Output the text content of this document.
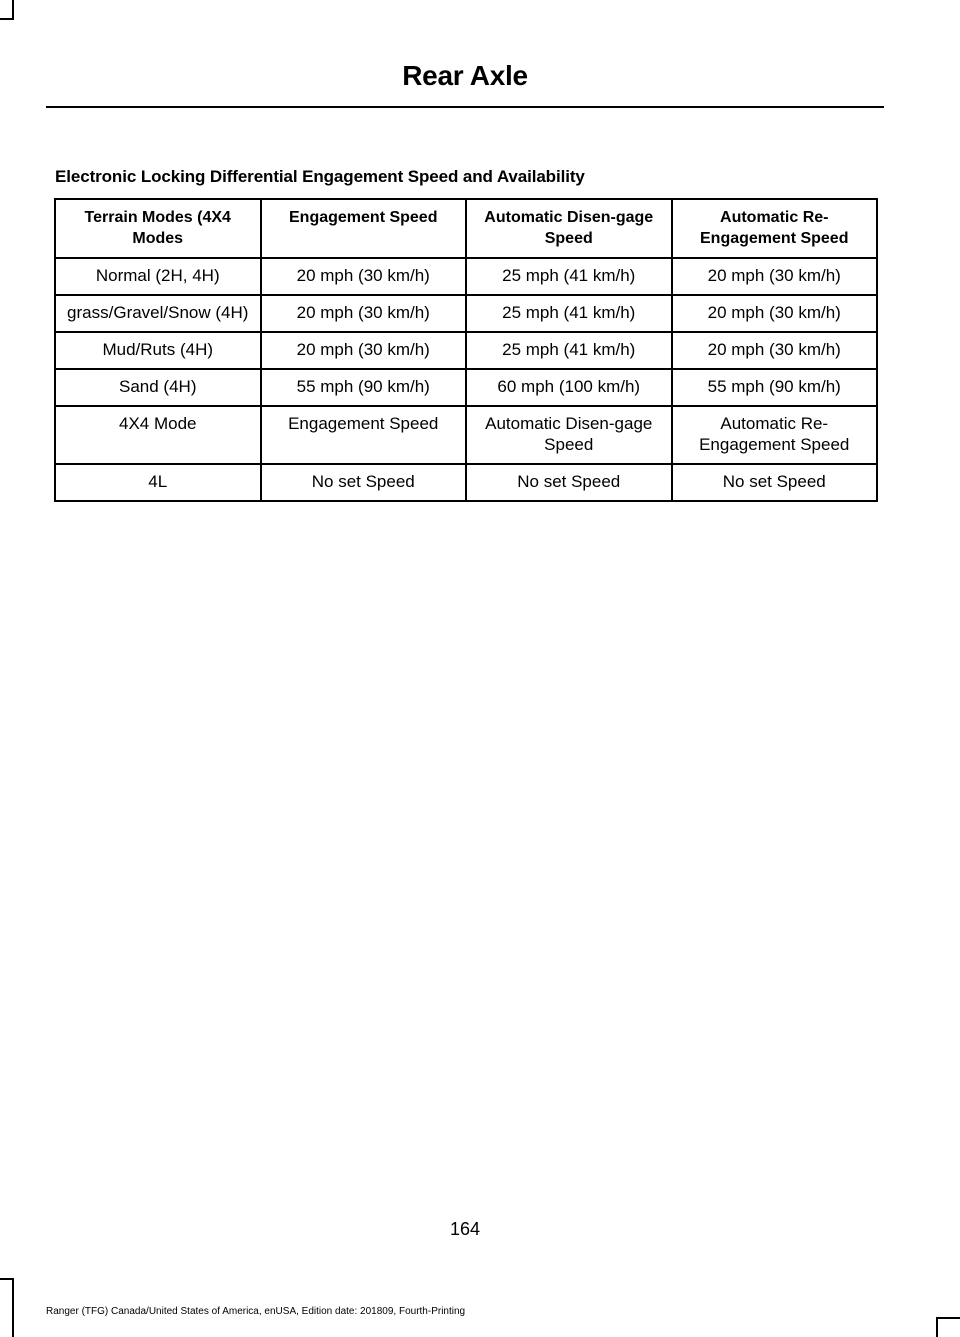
Rear Axle
Electronic Locking Differential Engagement Speed and Availability
Terrain Modes (4X4 Modes	Engagement Speed	Automatic Disen-gage Speed	Automatic Re-Engagement Speed
Normal (2H, 4H)	20 mph (30 km/h)	25 mph (41 km/h)	20 mph (30 km/h)
grass/Gravel/Snow (4H)	20 mph (30 km/h)	25 mph (41 km/h)	20 mph (30 km/h)
Mud/Ruts (4H)	20 mph (30 km/h)	25 mph (41 km/h)	20 mph (30 km/h)
Sand (4H)	55 mph (90 km/h)	60 mph (100 km/h)	55 mph (90 km/h)
4X4 Mode	Engagement Speed	Automatic Disen-gage Speed	Automatic Re-Engagement Speed
4L	No set Speed	No set Speed	No set Speed
164
Ranger (TFG) Canada/United States of America, enUSA, Edition date: 201809, Fourth-Printing
